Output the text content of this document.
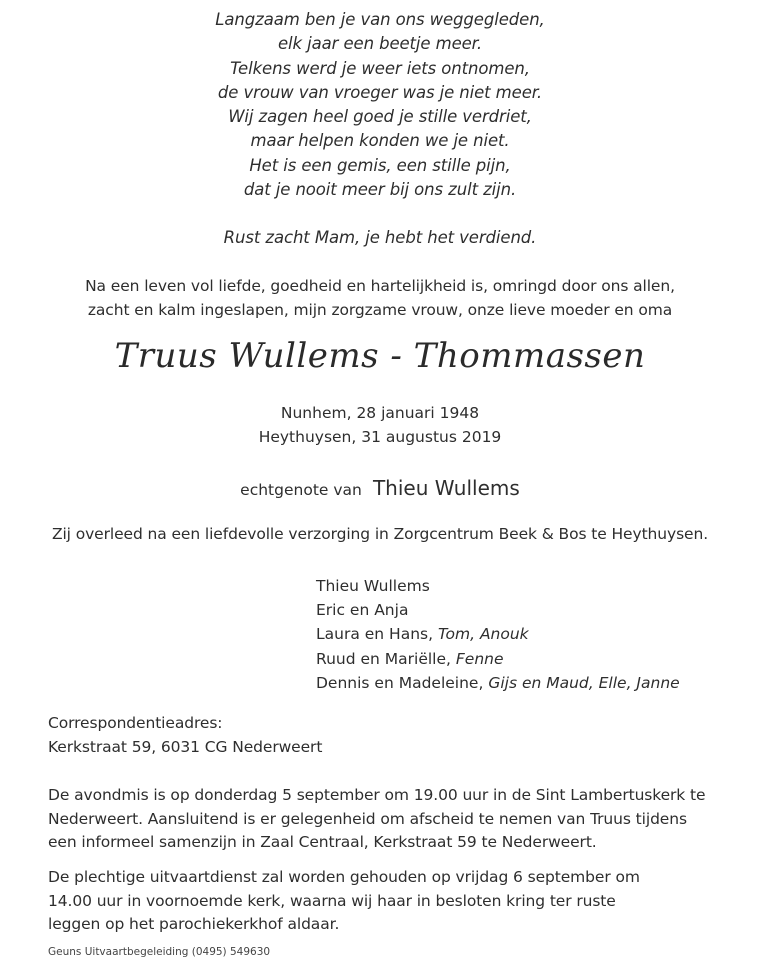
Langzaam ben je van ons weggegleden,
elk jaar een beetje meer.
Telkens werd je weer iets ontnomen,
de vrouw van vroeger was je niet meer.
Wij zagen heel goed je stille verdriet,
maar helpen konden we je niet.
Het is een gemis, een stille pijn,
dat je nooit meer bij ons zult zijn.
Rust zacht Mam, je hebt het verdiend.
Na een leven vol liefde, goedheid en hartelijkheid is, omringd door ons allen,
zacht en kalm ingeslapen, mijn zorgzame vrouw, onze lieve moeder en oma
Truus Wullems - Thommassen
Nunhem, 28 januari 1948
Heythuysen, 31 augustus 2019
echtgenote van Thieu Wullems
Zij overleed na een liefdevolle verzorging in Zorgcentrum Beek & Bos te Heythuysen.
Thieu Wullems
Eric en Anja
Laura en Hans, Tom, Anouk
Ruud en Mariëlle, Fenne
Dennis en Madeleine, Gijs en Maud, Elle, Janne
Correspondentieadres:
Kerkstraat 59, 6031 CG Nederweert
De avondmis is op donderdag 5 september om 19.00 uur in de Sint Lambertuskerk te
Nederweert. Aansluitend is er gelegenheid om afscheid te nemen van Truus tijdens
een informeel samenzijn in Zaal Centraal, Kerkstraat 59 te Nederweert.
De plechtige uitvaartdienst zal worden gehouden op vrijdag 6 september om
14.00 uur in voornoemde kerk, waarna wij haar in besloten kring ter ruste
leggen op het parochiekerkhof aldaar.
Geuns Uitvaartbegeleiding (0495) 549630
